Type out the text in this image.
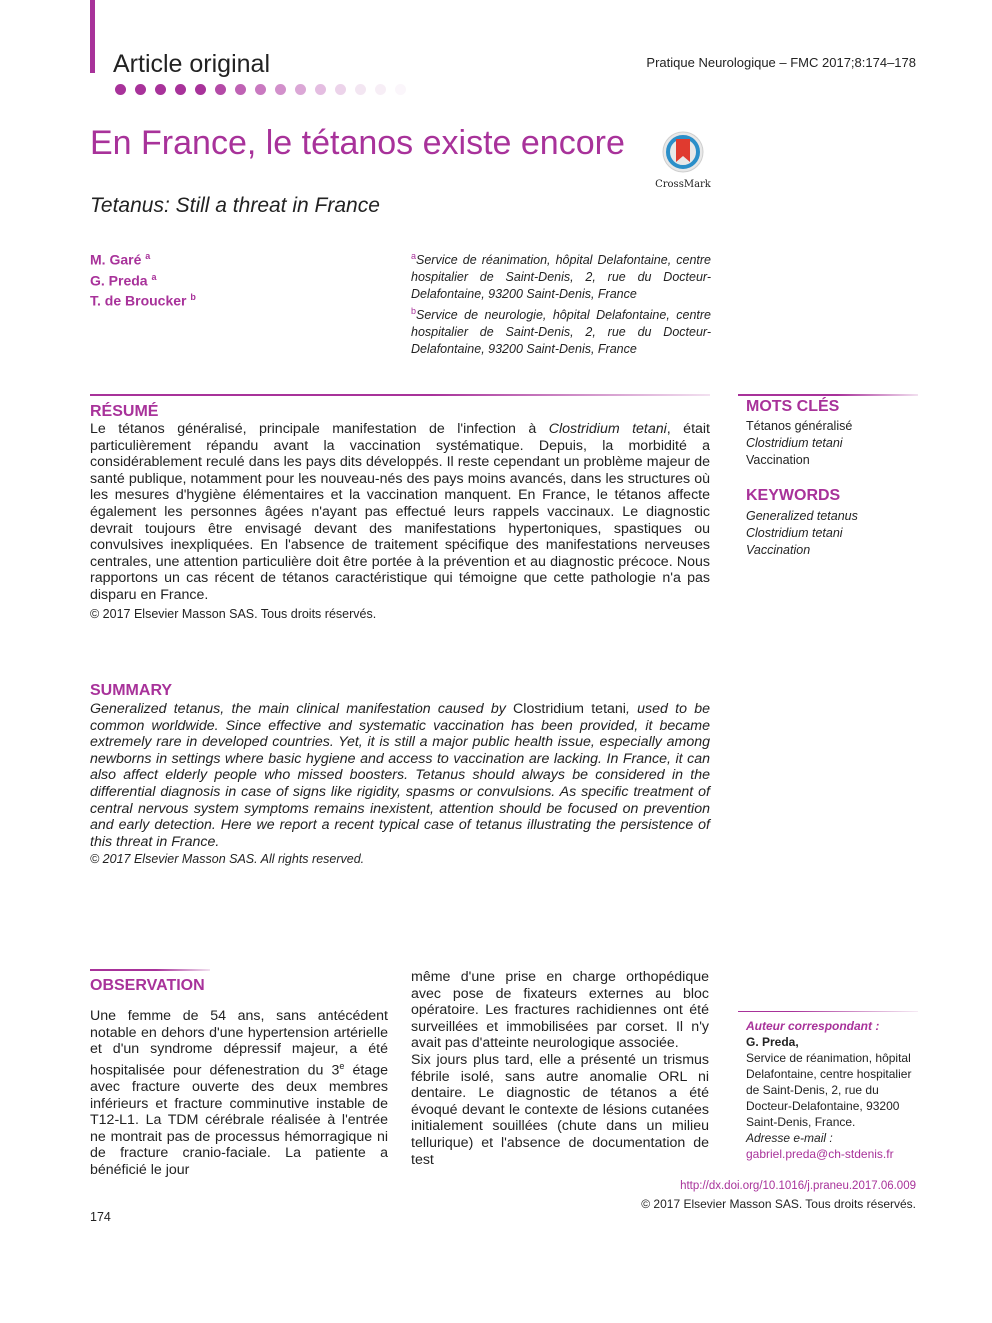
Article original	Pratique Neurologique – FMC 2017;8:174–178
En France, le tétanos existe encore
CrossMark
Tetanus: Still a threat in France
M. Garé $^a$
G. Preda $^a$
T. de Broucker $^b$
$^a$Service de réanimation, hôpital Delafontaine, centre hospitalier de Saint-Denis, 2, rue du Docteur-Delafontaine, 93200 Saint-Denis, France
$^b$Service de neurologie, hôpital Delafontaine, centre hospitalier de Saint-Denis, 2, rue du Docteur-Delafontaine, 93200 Saint-Denis, France
RÉSUMÉ
Le tétanos généralisé, principale manifestation de l'infection à Clostridium tetani, était particulièrement répandu avant la vaccination systématique. Depuis, la morbidité a considérablement reculé dans les pays dits développés. Il reste cependant un problème majeur de santé publique, notamment pour les nouveau-nés des pays moins avancés, dans les structures où les mesures d'hygiène élémentaires et la vaccination manquent. En France, le tétanos affecte également les personnes âgées n'ayant pas effectué leurs rappels vaccinaux. Le diagnostic devrait toujours être envisagé devant des manifestations hypertoniques, spastiques ou convulsives inexpliquées. En l'absence de traitement spécifique des manifestations nerveuses centrales, une attention particulière doit être portée à la prévention et au diagnostic précoce. Nous rapportons un cas récent de tétanos caractéristique qui témoigne que cette pathologie n'a pas disparu en France.
© 2017 Elsevier Masson SAS. Tous droits réservés.
MOTS CLÉS
Tétanos généralisé
Clostridium tetani
Vaccination
KEYWORDS
Generalized tetanus
Clostridium tetani
Vaccination
SUMMARY
Generalized tetanus, the main clinical manifestation caused by Clostridium tetani, used to be common worldwide. Since effective and systematic vaccination has been provided, it became extremely rare in developed countries. Yet, it is still a major public health issue, especially among newborns in settings where basic hygiene and access to vaccination are lacking. In France, it can also affect elderly people who missed boosters. Tetanus should always be considered in the differential diagnosis in case of signs like rigidity, spasms or convulsions. As specific treatment of central nervous system symptoms remains inexistent, attention should be focused on prevention and early detection. Here we report a recent typical case of tetanus illustrating the persistence of this threat in France.
© 2017 Elsevier Masson SAS. All rights reserved.
OBSERVATION
Une femme de 54 ans, sans antécédent notable en dehors d'une hypertension artérielle et d'un syndrome dépressif majeur, a été hospitalisée pour défenestration du 3e étage avec fracture ouverte des deux membres inférieurs et fracture comminutive instable de T12-L1. La TDM cérébrale réalisée à l'entrée ne montrait pas de processus hémorragique ni de fracture cranio-faciale. La patiente a bénéficié le jour
même d'une prise en charge orthopédique avec pose de fixateurs externes au bloc opératoire. Les fractures rachidiennes ont été surveillées et immobilisées par corset. Il n'y avait pas d'atteinte neurologique associée.
Six jours plus tard, elle a présenté un trismus fébrile isolé, sans autre anomalie ORL ni dentaire. Le diagnostic de tétanos a été évoqué devant le contexte de lésions cutanées initialement souillées (chute dans un milieu tellurique) et l'absence de documentation de test
Auteur correspondant :
G. Preda,
Service de réanimation, hôpital Delafontaine, centre hospitalier de Saint-Denis, 2, rue du Docteur-Delafontaine, 93200 Saint-Denis, France.
Adresse e-mail :
gabriel.preda@ch-stdenis.fr
http://dx.doi.org/10.1016/j.praneu.2017.06.009
© 2017 Elsevier Masson SAS. Tous droits réservés.
174
